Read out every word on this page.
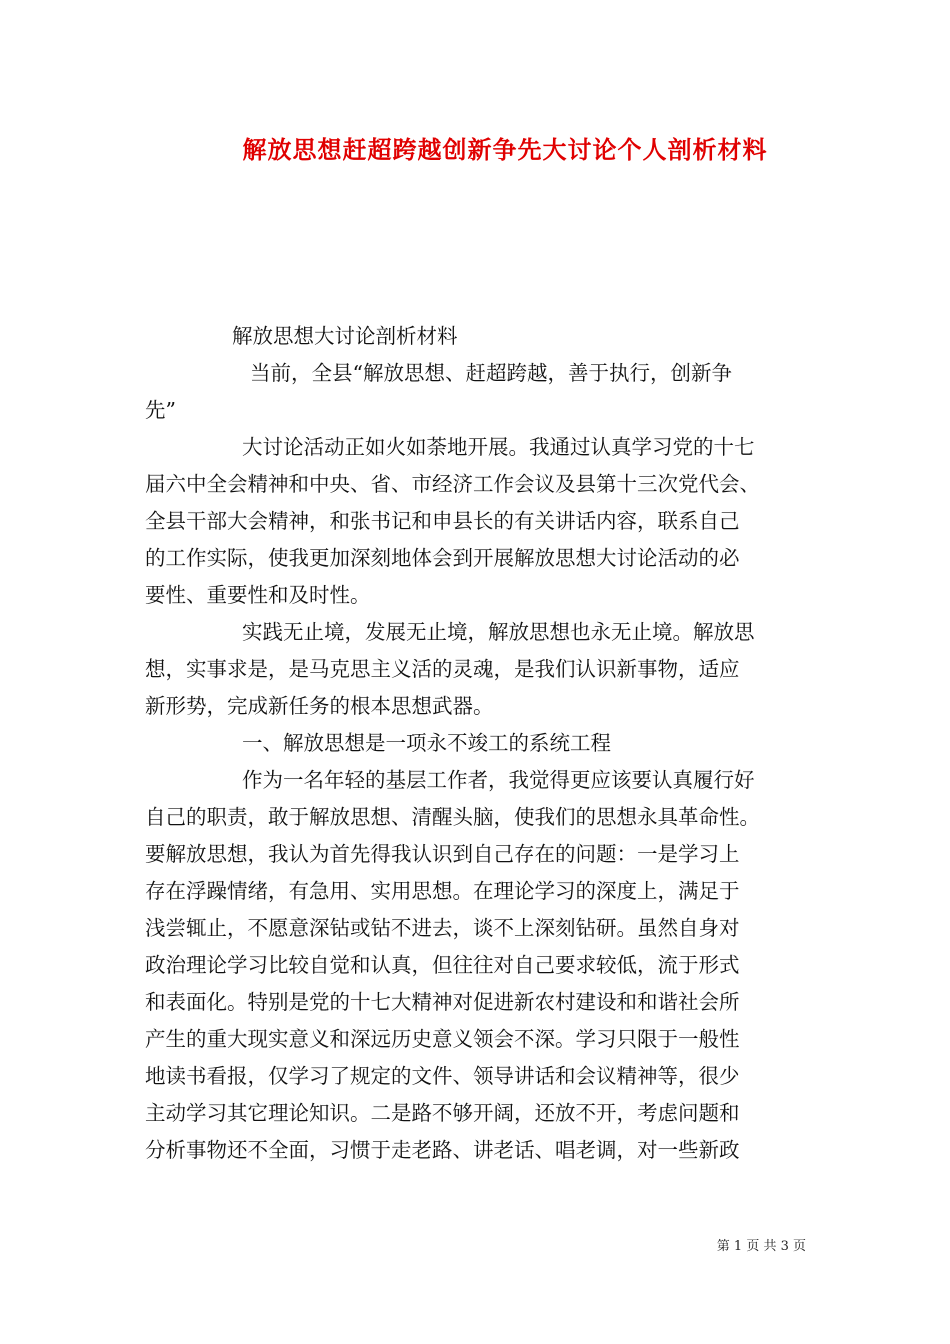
解放思想赶超跨越创新争先大讨论个人剖析材料
解放思想大讨论剖析材料
当前，全县“解放思想、赶超跨越，善于执行，创新争
先”
大讨论活动正如火如荼地开展。我通过认真学习党的十七
届六中全会精神和中央、省、市经济工作会议及县第十三次党代会、
全县干部大会精神，和张书记和申县长的有关讲话内容，联系自己
的工作实际，使我更加深刻地体会到开展解放思想大讨论活动的必
要性、重要性和及时性。
实践无止境，发展无止境，解放思想也永无止境。解放思
想，实事求是，是马克思主义活的灵魂，是我们认识新事物，适应
新形势，完成新任务的根本思想武器。
一、解放思想是一项永不竣工的系统工程
作为一名年轻的基层工作者，我觉得更应该要认真履行好
自己的职责，敢于解放思想、清醒头脑，使我们的思想永具革命性。
要解放思想，我认为首先得我认识到自己存在的问题：一是学习上
存在浮躁情绪，有急用、实用思想。在理论学习的深度上，满足于
浅尝辄止，不愿意深钻或钻不进去，谈不上深刻钻研。虽然自身对
政治理论学习比较自觉和认真，但往往对自己要求较低，流于形式
和表面化。特别是党的十七大精神对促进新农村建设和和谐社会所
产生的重大现实意义和深远历史意义领会不深。学习只限于一般性
地读书看报，仅学习了规定的文件、领导讲话和会议精神等，很少
主动学习其它理论知识。二是路不够开阔，还放不开，考虑问题和
分析事物还不全面，习惯于走老路、讲老话、唱老调，对一些新政
第 1 页 共 3 页
